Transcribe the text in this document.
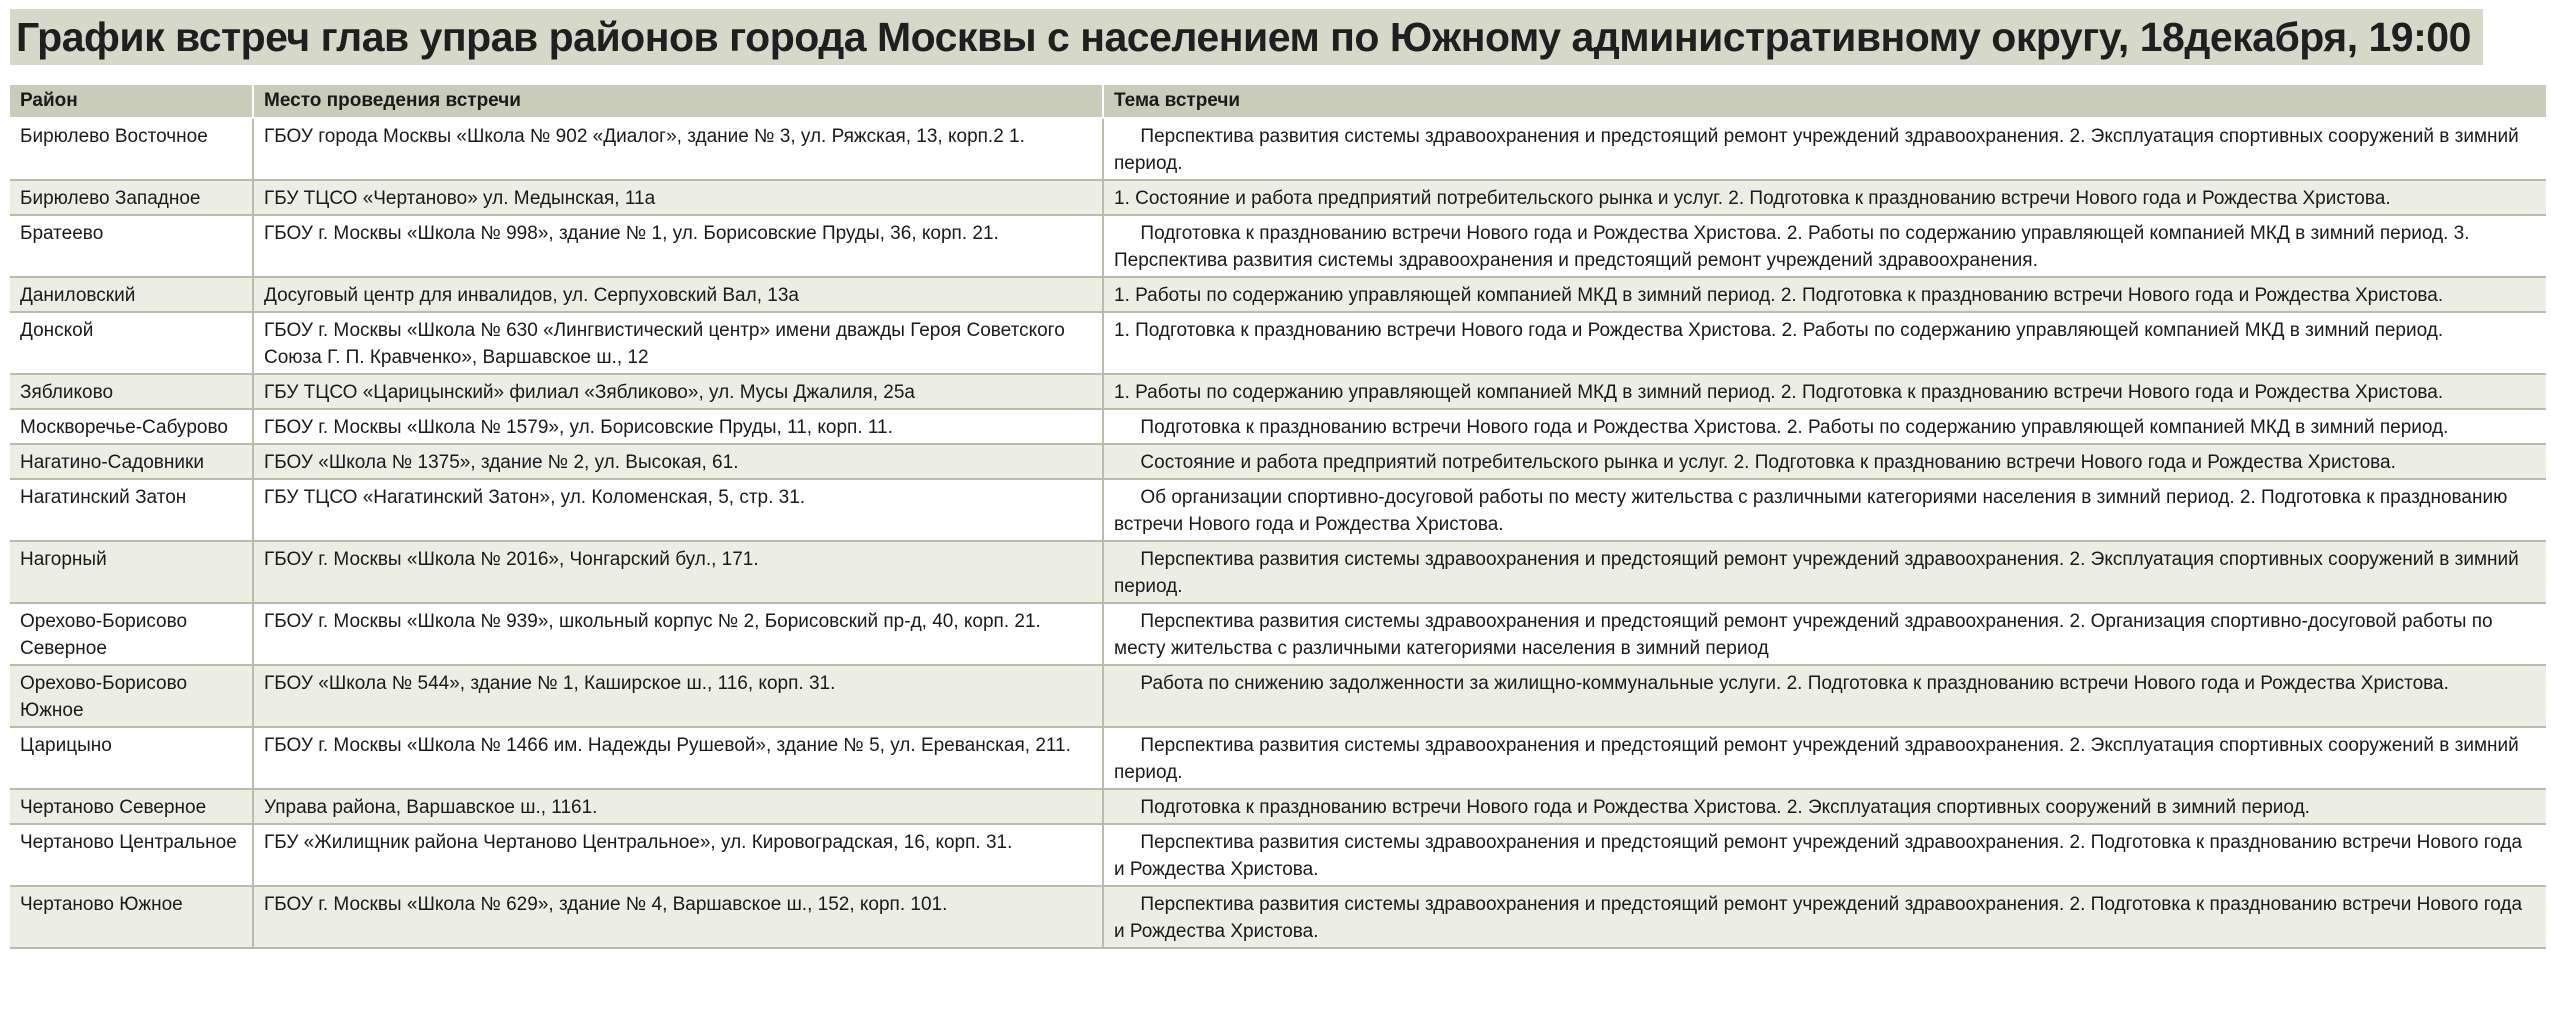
График встреч глав управ районов города Москвы с населением по Южному административному округу, 18декабря, 19:00
Район	Место проведения встречи	Тема встречи
Бирюлево Восточное	ГБОУ города Москвы «Школа № 902 «Диалог», здание № 3, ул. Ряжская, 13, корп.2 1.	Перспектива развития системы здравоохранения и предстоящий ремонт учреждений здравоохранения. 2. Эксплуатация спортивных сооружений в зимний период.
Бирюлево Западное	ГБУ ТЦСО «Чертаново» ул. Медынская, 11а	1. Состояние и работа предприятий потребительского рынка и услуг. 2. Подготовка к празднованию встречи Нового года и Рождества Христова.
Братеево	ГБОУ г. Москвы «Школа № 998», здание № 1, ул. Борисовские Пруды, 36, корп. 21.	Подготовка к празднованию встречи Нового года и Рождества Христова. 2. Работы по содержанию управляющей компанией МКД в зимний период. 3. Перспектива развития системы здравоохранения и предстоящий ремонт учреждений здравоохранения.
Даниловский	Досуговый центр для инвалидов, ул. Серпуховский Вал, 13а	1. Работы по содержанию управляющей компанией МКД в зимний период. 2. Подготовка к празднованию встречи Нового года и Рождества Христова.
Донской	ГБОУ г. Москвы «Школа № 630 «Лингвистический центр» имени дважды Героя Советского Союза Г. П. Кравченко», Варшавское ш., 12	1. Подготовка к празднованию встречи Нового года и Рождества Христова. 2. Работы по содержанию управляющей компанией МКД в зимний период.
Зябликово	ГБУ ТЦСО «Царицынский» филиал «Зябликово», ул. Мусы Джалиля, 25а	1. Работы по содержанию управляющей компанией МКД в зимний период. 2. Подготовка к празднованию встречи Нового года и Рождества Христова.
Москворечье-Сабурово	ГБОУ г. Москвы «Школа № 1579», ул. Борисовские Пруды, 11, корп. 11.	Подготовка к празднованию встречи Нового года и Рождества Христова. 2. Работы по содержанию управляющей компанией МКД в зимний период.
Нагатино-Садовники	ГБОУ «Школа № 1375», здание № 2, ул. Высокая, 61.	Состояние и работа предприятий потребительского рынка и услуг. 2. Подготовка к празднованию встречи Нового года и Рождества Христова.
Нагатинский Затон	ГБУ ТЦСО «Нагатинский Затон», ул. Коломенская, 5, стр. 31.	Об организации спортивно-досуговой работы по месту жительства с различными категориями населения в зимний период. 2. Подготовка к празднованию встречи Нового года и Рождества Христова.
Нагорный	ГБОУ г. Москвы «Школа № 2016», Чонгарский бул., 171.	Перспектива развития системы здравоохранения и предстоящий ремонт учреждений здравоохранения. 2. Эксплуатация спортивных сооружений в зимний период.
Орехово-Борисово Северное	ГБОУ г. Москвы «Школа № 939», школьный корпус № 2, Борисовский пр-д, 40, корп. 21.	Перспектива развития системы здравоохранения и предстоящий ремонт учреждений здравоохранения. 2. Организация спортивно-досуговой работы по месту жительства с различными категориями населения в зимний период
Орехово-Борисово Южное	ГБОУ «Школа № 544», здание № 1, Каширское ш., 116, корп. 31.	Работа по снижению задолженности за жилищно-коммунальные услуги. 2. Подготовка к празднованию встречи Нового года и Рождества Христова.
Царицыно	ГБОУ г. Москвы «Школа № 1466 им. Надежды Рушевой», здание № 5, ул. Ереванская, 211.	Перспектива развития системы здравоохранения и предстоящий ремонт учреждений здравоохранения. 2. Эксплуатация спортивных сооружений в зимний период.
Чертаново Северное	Управа района, Варшавское ш., 1161.	Подготовка к празднованию встречи Нового года и Рождества Христова. 2. Эксплуатация спортивных сооружений в зимний период.
Чертаново Центральное	ГБУ «Жилищник района Чертаново Центральное», ул. Кировоградская, 16, корп. 31.	Перспектива развития системы здравоохранения и предстоящий ремонт учреждений здравоохранения. 2. Подготовка к празднованию встречи Нового года и Рождества Христова.
Чертаново Южное	ГБОУ г. Москвы «Школа № 629», здание № 4, Варшавское ш., 152, корп. 101.	Перспектива развития системы здравоохранения и предстоящий ремонт учреждений здравоохранения. 2. Подготовка к празднованию встречи Нового года и Рождества Христова.
